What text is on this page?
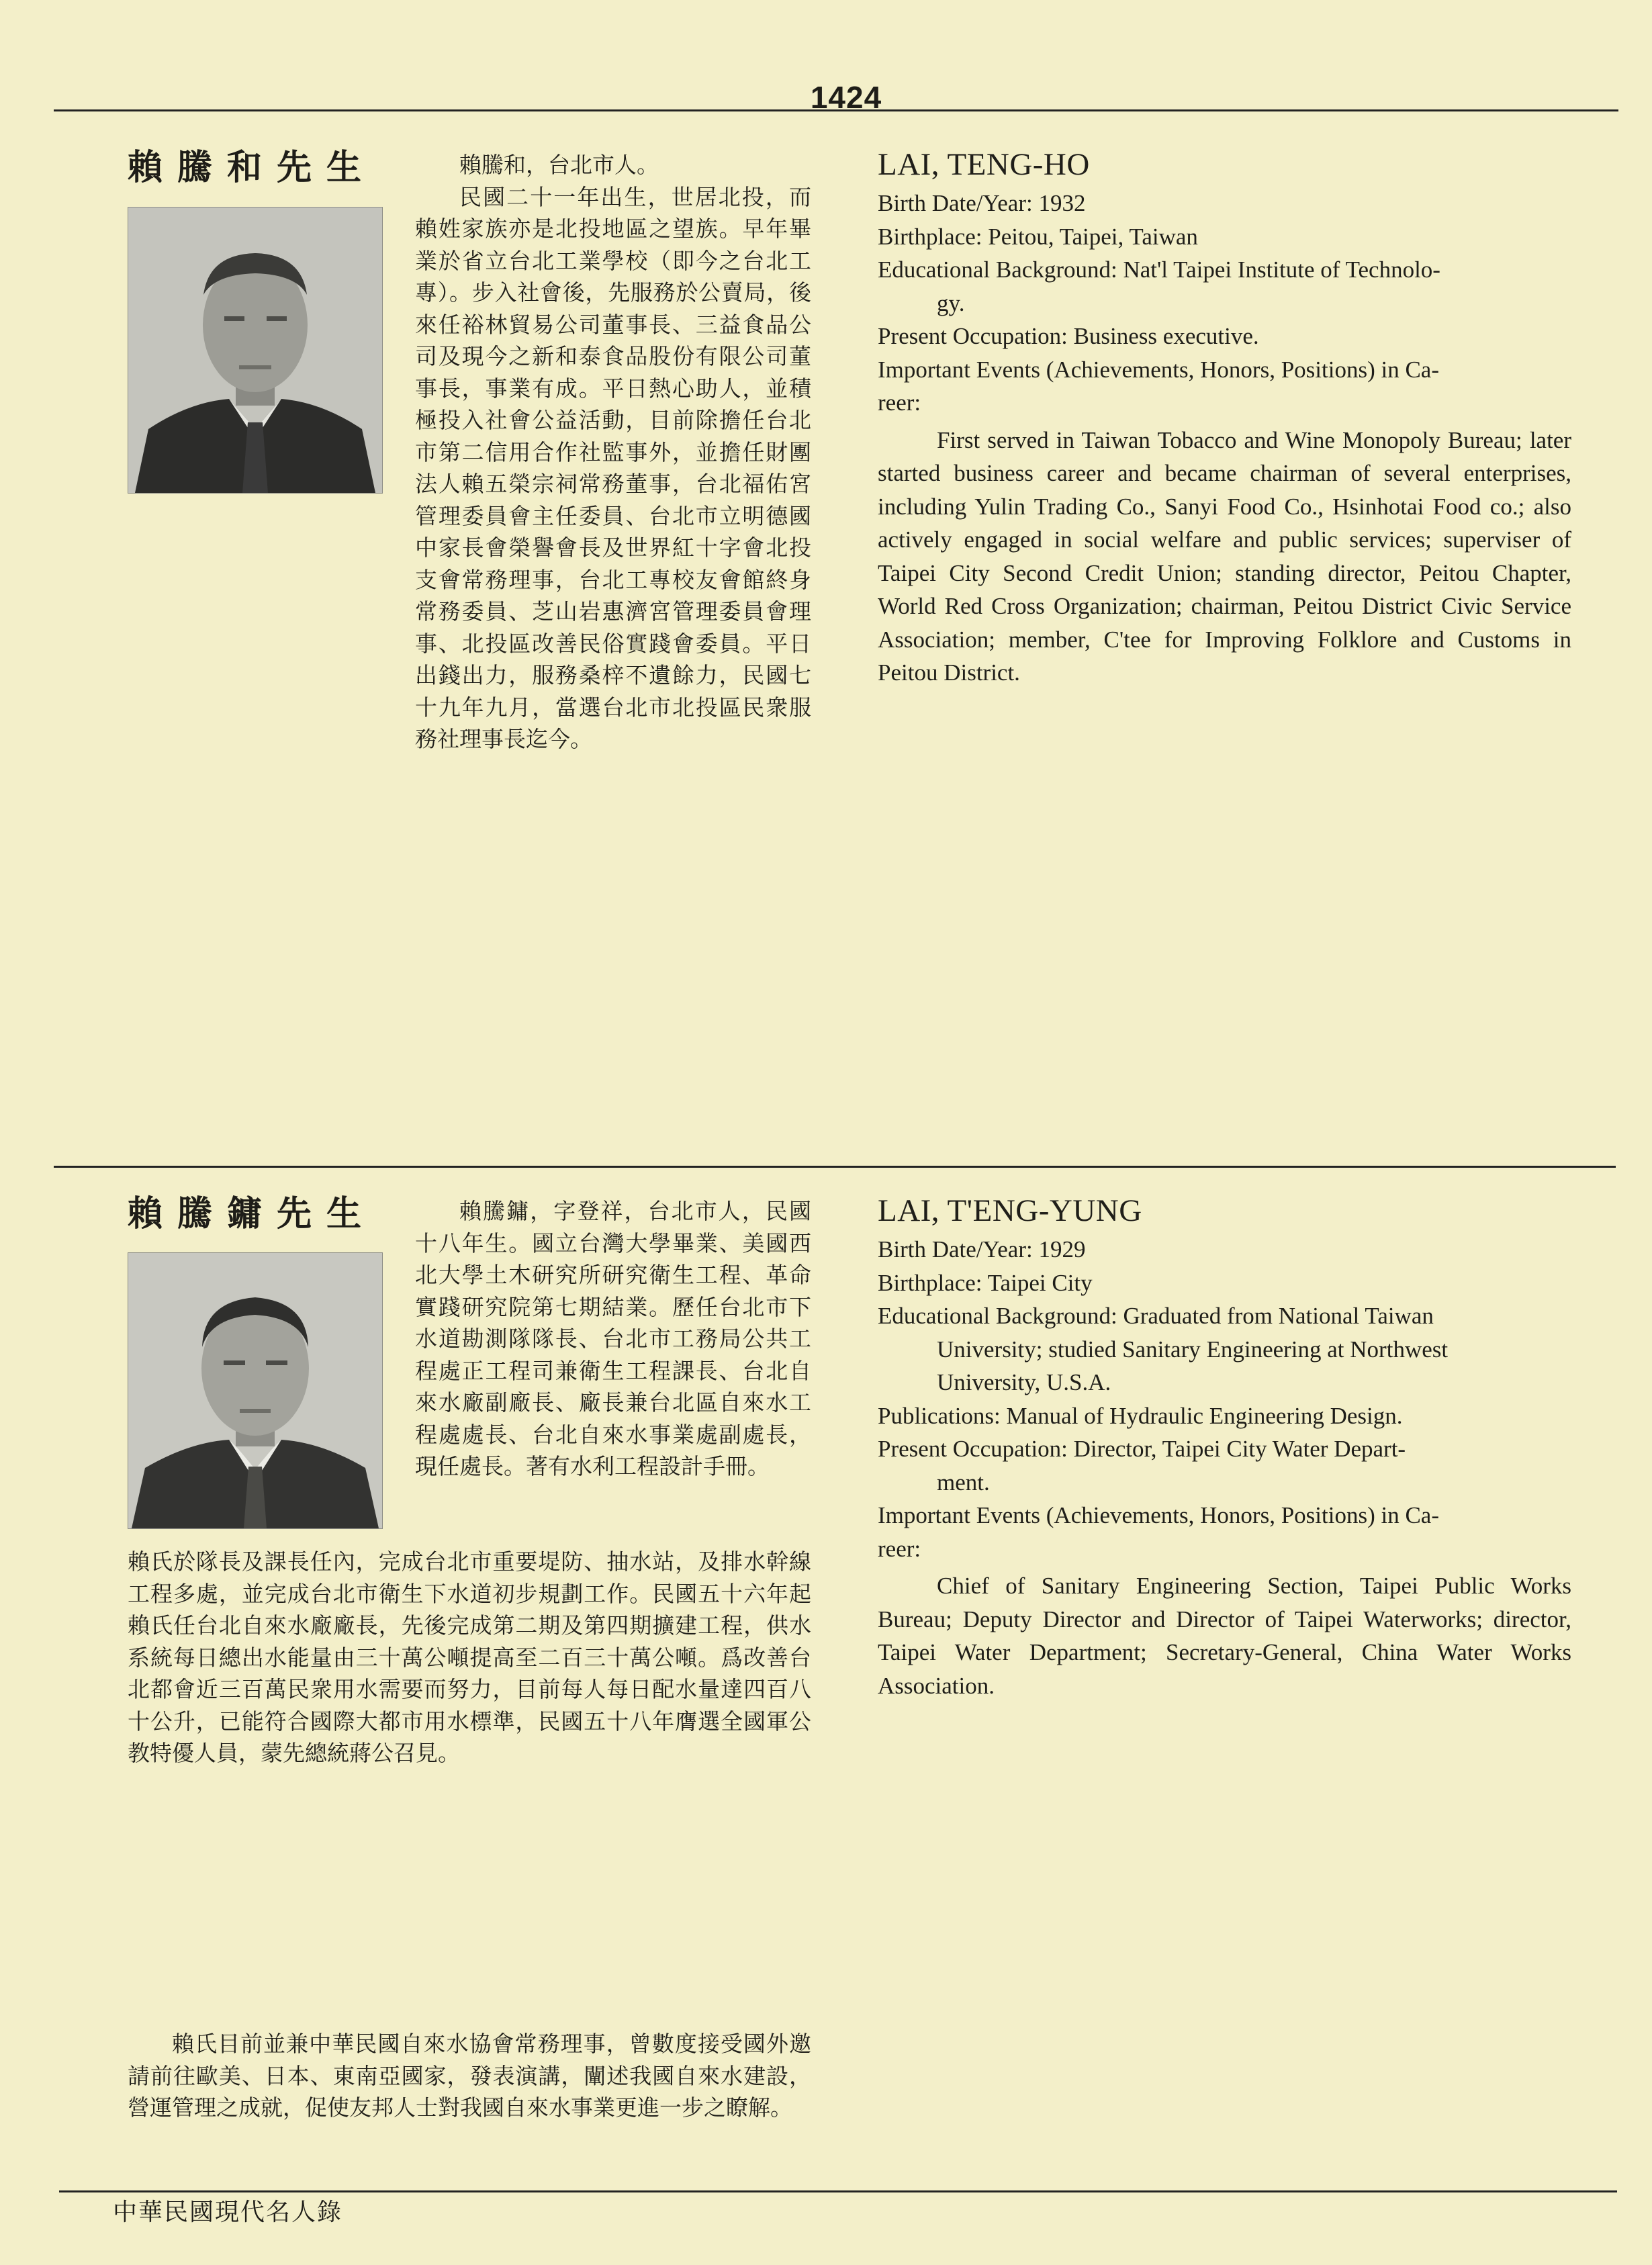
1424
賴騰和先生	賴騰和，台北市人。

民國二十一年出生，世居北投，而賴姓家族亦是北投地區之望族。早年畢業於省立台北工業學校（即今之台北工專）。步入社會後，先服務於公賣局，後來任裕林貿易公司董事長、三益食品公司及現今之新和泰食品股份有限公司董事長，事業有成。平日熱心助人，並積極投入社會公益活動，目前除擔任台北市第二信用合作社監事外，並擔任財團法人賴五榮宗祠常務董事，台北福佑宮管理委員會主任委員、台北市立明德國中家長會榮譽會長及世界紅十字會北投支會常務理事，台北工專校友會館終身常務委員、芝山岩惠濟宮管理委員會理事、北投區改善民俗實踐會委員。平日出錢出力，服務桑梓不遺餘力，民國七十九年九月，當選台北市北投區民衆服務社理事長迄今。

LAI, TENG-HO
Birth Date/Year: 1932
Birthplace: Peitou, Taipei, Taiwan
Educational Background: Nat'l Taipei Institute of Technolo-
gy.
Present Occupation: Business executive.
Important Events (Achievements, Honors, Positions) in Ca-
reer:
First served in Taiwan Tobacco and Wine Monopoly Bureau; later started business career and became chairman of several enterprises, including Yulin Trading Co., Sanyi Food Co., Hsinhotai Food co.; also actively engaged in social welfare and public services; superviser of Taipei City Second Credit Union; standing director, Peitou Chapter, World Red Cross Organization; chairman, Peitou District Civic Service Association; member, C'tee for Improving Folklore and Customs in Peitou District.
賴騰鏞先生	賴騰鏞，字登祥，台北市人，民國十八年生。國立台灣大學畢業、美國西北大學土木研究所研究衛生工程、革命實踐研究院第七期結業。歷任台北市下水道勘測隊隊長、台北市工務局公共工程處正工程司兼衛生工程課長、台北自來水廠副廠長、廠長兼台北區自來水工程處處長、台北自來水事業處副處長，現任處長。著有水利工程設計手冊。

賴氏於隊長及課長任內，完成台北市重要堤防、抽水站，及排水幹線工程多處，並完成台北市衛生下水道初步規劃工作。民國五十六年起賴氏任台北自來水廠廠長，先後完成第二期及第四期擴建工程，供水系統每日總出水能量由三十萬公噸提高至二百三十萬公噸。爲改善台北都會近三百萬民衆用水需要而努力，目前每人每日配水量達四百八十公升，已能符合國際大都市用水標準，民國五十八年膺選全國軍公教特優人員，蒙先總統蔣公召見。

賴氏目前並兼中華民國自來水協會常務理事，曾數度接受國外邀請前往歐美、日本、東南亞國家，發表演講，闡述我國自來水建設，營運管理之成就，促使友邦人士對我國自來水事業更進一步之瞭解。

LAI, T'ENG-YUNG
Birth Date/Year: 1929
Birthplace: Taipei City
Educational Background: Graduated from National Taiwan
University; studied Sanitary Engineering at Northwest
University, U.S.A.
Publications: Manual of Hydraulic Engineering Design.
Present Occupation: Director, Taipei City Water Depart-
ment.
Important Events (Achievements, Honors, Positions) in Ca-
reer:
Chief of Sanitary Engineering Section, Taipei Public Works Bureau; Deputy Director and Director of Taipei Waterworks; director, Taipei Water Department; Secretary-General, China Water Works Association.
中華民國現代名人錄
